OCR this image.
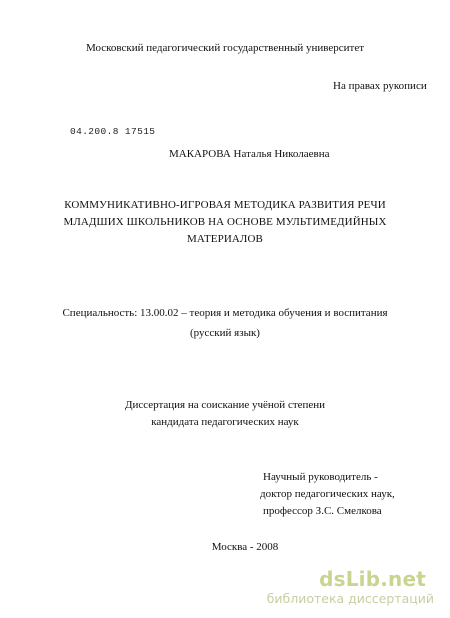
Московский педагогический государственный университет
На правах рукописи
04.200.8 17515
МАКАРОВА Наталья Николаевна
КОММУНИКАТИВНО-ИГРОВАЯ МЕТОДИКА РАЗВИТИЯ РЕЧИ
МЛАДШИХ ШКОЛЬНИКОВ НА ОСНОВЕ МУЛЬТИМЕДИЙНЫХ
МАТЕРИАЛОВ
Специальность: 13.00.02 – теория и методика обучения и воспитания
(русский язык)
Диссертация на соискание учёной степени
кандидата педагогических наук
Научный руководитель -
доктор педагогических наук,
профессор З.С. Смелкова
Москва - 2008
dsLib.net
библиотека диссертаций
